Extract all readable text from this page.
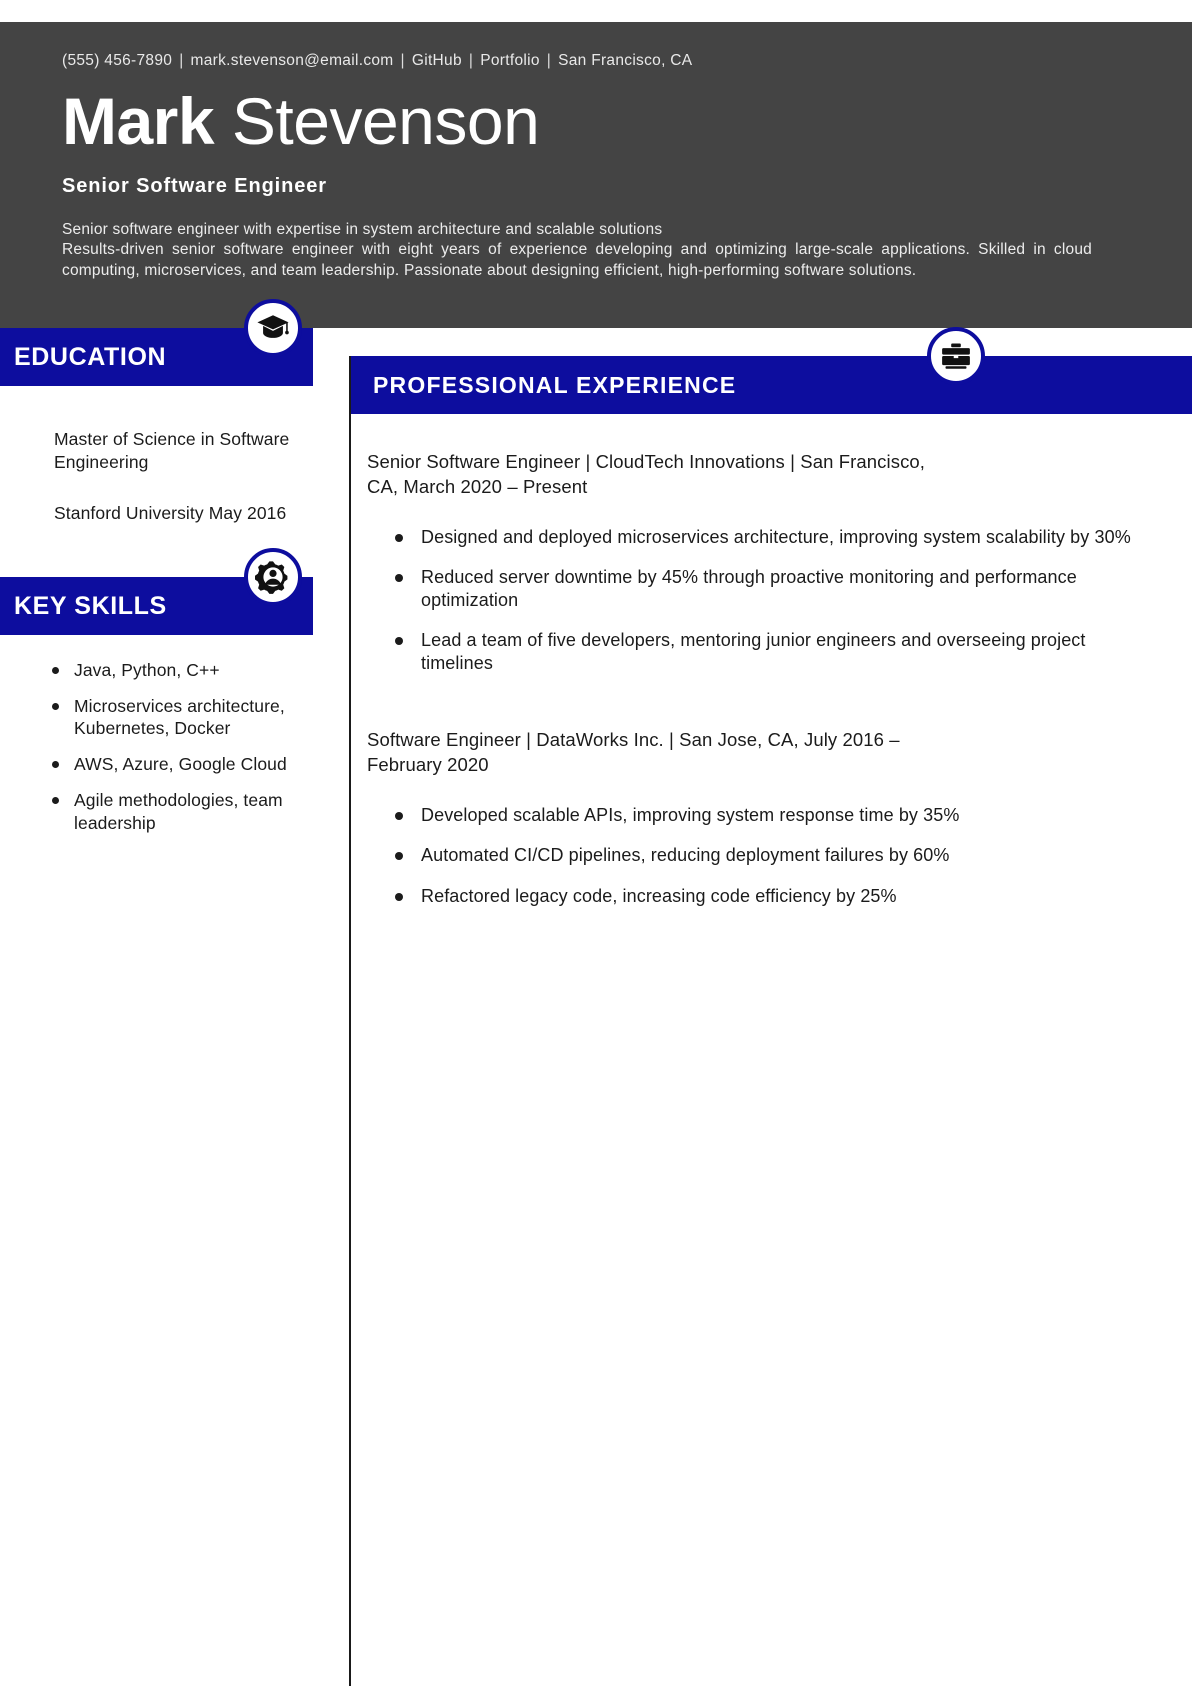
(555) 456-7890 | mark.stevenson@email.com | GitHub | Portfolio | San Francisco, CA
Mark Stevenson
Senior Software Engineer

Senior software engineer with expertise in system architecture and scalable solutions

Results-driven senior software engineer with eight years of experience developing and optimizing large-scale applications. Skilled in cloud computing, microservices, and team leadership. Passionate about designing efficient, high-performing software solutions.

EDUCATION
Master of Science in Software Engineering
Stanford University May 2016
KEY SKILLS
Java, Python, C++
Microservices architecture, Kubernetes, Docker
AWS, Azure, Google Cloud
Agile methodologies, team leadership
PROFESSIONAL EXPERIENCE
Senior Software Engineer | CloudTech Innovations | San Francisco, CA, March 2020 – Present
Designed and deployed microservices architecture, improving system scalability by 30%
Reduced server downtime by 45% through proactive monitoring and performance optimization
Lead a team of five developers, mentoring junior engineers and overseeing project timelines
Software Engineer | DataWorks Inc. | San Jose, CA, July 2016 – February 2020
Developed scalable APIs, improving system response time by 35%
Automated CI/CD pipelines, reducing deployment failures by 60%
Refactored legacy code, increasing code efficiency by 25%
